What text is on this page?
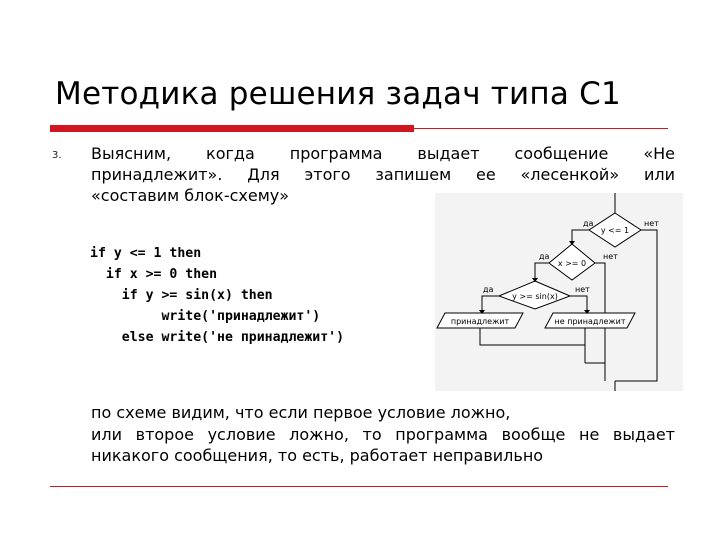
Методика решения задач типа С1
3. Выясним, когда программа выдает сообщение «Не
принадлежит». Для этого запишем ее «лесенкой» или
«составим блок-схему»
if y <= 1 then
if x >= 0 then
if y >= sin(x) then
write('принадлежит')
else write('не принадлежит')
y <= 1
x >= 0
y >= sin(x)
да	нет
да	нет
да	нет
принадлежит	не принадлежит
по схеме видим, что если первое условие ложно,
или второе условие ложно, то программа вообще не выдает
никакого сообщения, то есть, работает неправильно
